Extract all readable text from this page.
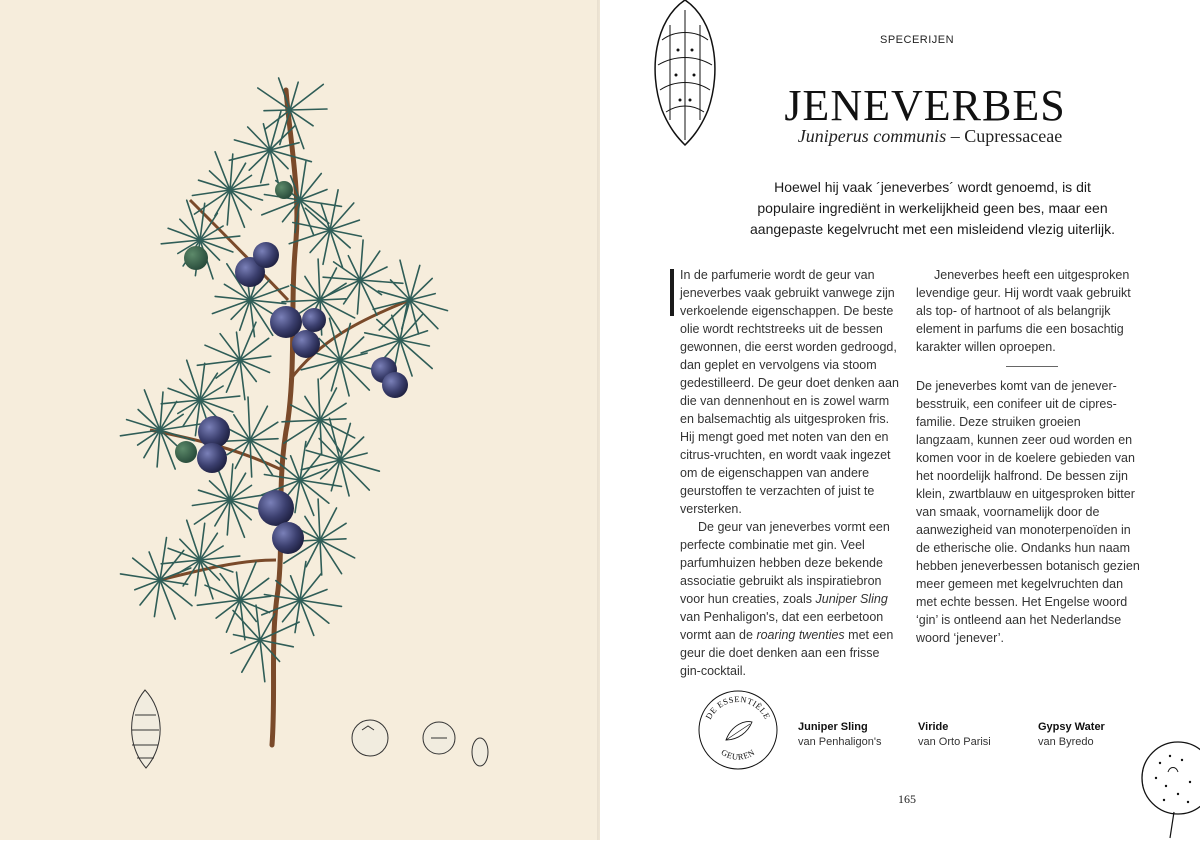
SPECERIJEN
JENEVERBES
Juniperus communis – Cupressaceae
Hoewel hij vaak ´jeneverbes´ wordt genoemd, is dit populaire ingrediënt in werkelijkheid geen bes, maar een aangepaste kegelvrucht met een misleidend vlezig uiterlijk.

In de parfumerie wordt de geur van jeneverbes vaak gebruikt vanwege zijn verkoelende eigenschappen. De beste olie wordt rechtstreeks uit de bessen gewonnen, die eerst worden gedroogd, dan geplet en vervolgens via stoom gedestilleerd. De geur doet denken aan die van dennenhout en is zowel warm en balsemachtig als uitgesproken fris. Hij mengt goed met noten van den en citrus-vruchten, en wordt vaak ingezet om de eigenschappen van andere geurstoffen te verzachten of juist te versterken.

De geur van jeneverbes vormt een perfecte combinatie met gin. Veel parfumhuizen hebben deze bekende associatie gebruikt als inspiratiebron voor hun creaties, zoals Juniper Sling van Penhaligon's, dat een eerbetoon vormt aan de roaring twenties met een geur die doet denken aan een frisse gin-cocktail.

Jeneverbes heeft een uitgesproken levendige geur. Hij wordt vaak gebruikt als top- of hartnoot of als belangrijk element in parfums die een bosachtig karakter willen oproepen.

De jeneverbes komt van de jenever-besstruik, een conifeer uit de cipres-familie. Deze struiken groeien langzaam, kunnen zeer oud worden en komen voor in de koelere gebieden van het noordelijk halfrond. De bessen zijn klein, zwartblauw en uitgesproken bitter van smaak, voornamelijk door de aanwezigheid van monoterpenoïden in de etherische olie. Ondanks hun naam hebben jeneverbessen botanisch gezien meer gemeen met kegelvruchten dan met echte bessen. Het Engelse woord ‘gin’ is ontleend aan het Nederlandse woord ‘jenever’.

DE ESSENTIËLE
GEUREN
Juniper Sling
van Penhaligon's
Viride
van Orto Parisi
Gypsy Water
van Byredo
165
